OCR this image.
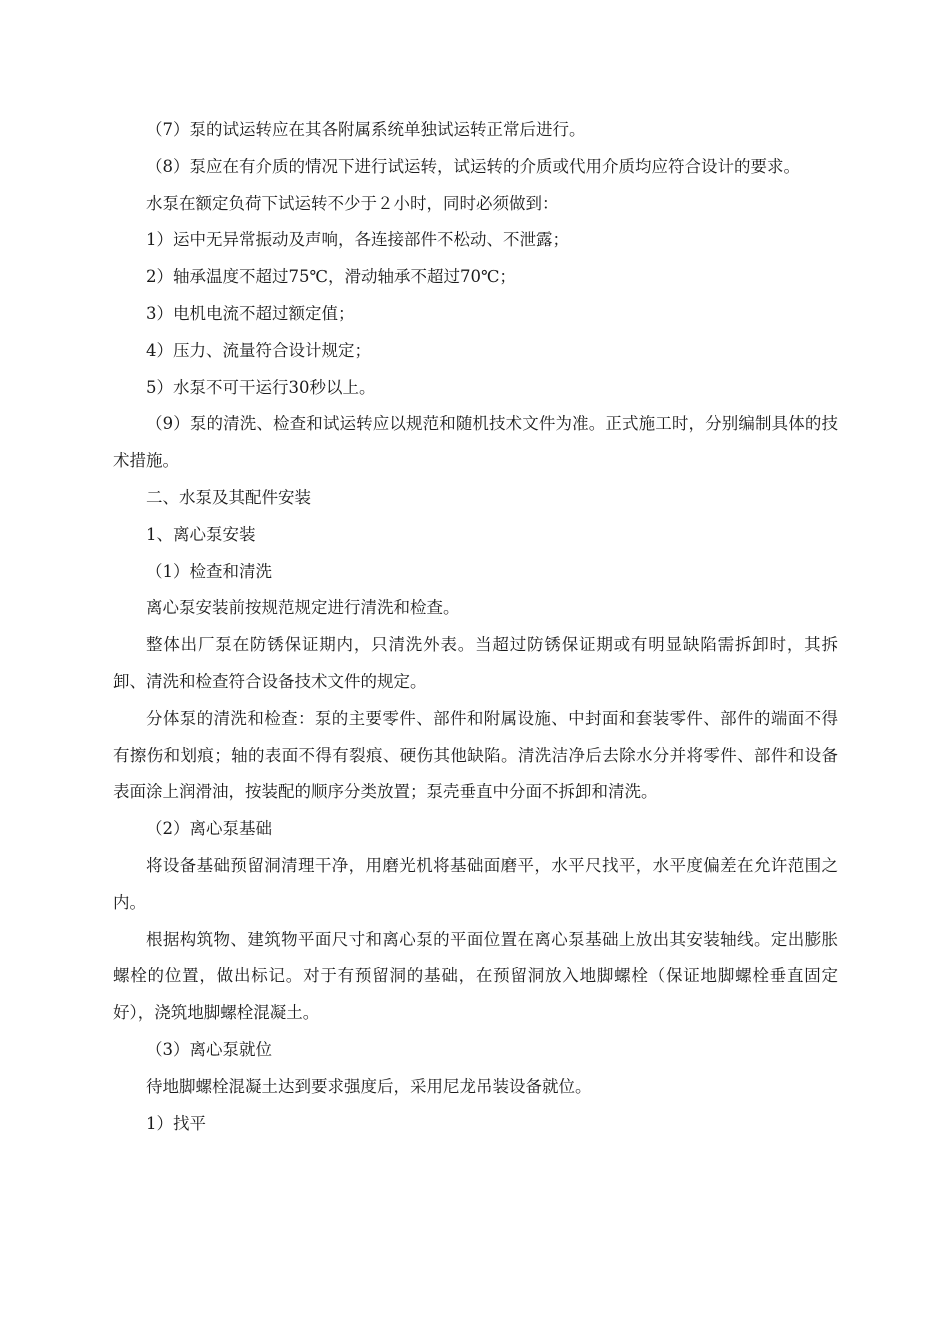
（7）泵的试运转应在其各附属系统单独试运转正常后进行。

（8）泵应在有介质的情况下进行试运转，试运转的介质或代用介质均应符合设计的要求。

水泵在额定负荷下试运转不少于２小时，同时必须做到：

1）运中无异常振动及声响，各连接部件不松动、不泄露；

2）轴承温度不超过75℃，滑动轴承不超过70℃；

3）电机电流不超过额定值；

4）压力、流量符合设计规定；

5）水泵不可干运行30秒以上。

（9）泵的清洗、检查和试运转应以规范和随机技术文件为准。正式施工时，分别编制具体的技术措施。

二、水泵及其配件安装

1、离心泵安装

（1）检查和清洗

离心泵安装前按规范规定进行清洗和检查。

整体出厂泵在防锈保证期内，只清洗外表。当超过防锈保证期或有明显缺陷需拆卸时，其拆卸、清洗和检查符合设备技术文件的规定。

分体泵的清洗和检查：泵的主要零件、部件和附属设施、中封面和套装零件、部件的端面不得有擦伤和划痕；轴的表面不得有裂痕、硬伤其他缺陷。清洗洁净后去除水分并将零件、部件和设备表面涂上润滑油，按装配的顺序分类放置；泵壳垂直中分面不拆卸和清洗。

（2）离心泵基础

将设备基础预留洞清理干净，用磨光机将基础面磨平，水平尺找平，水平度偏差在允许范围之内。

根据构筑物、建筑物平面尺寸和离心泵的平面位置在离心泵基础上放出其安装轴线。定出膨胀螺栓的位置，做出标记。对于有预留洞的基础，在预留洞放入地脚螺栓（保证地脚螺栓垂直固定好），浇筑地脚螺栓混凝土。

（3）离心泵就位

待地脚螺栓混凝土达到要求强度后，采用尼龙吊装设备就位。

1）找平
